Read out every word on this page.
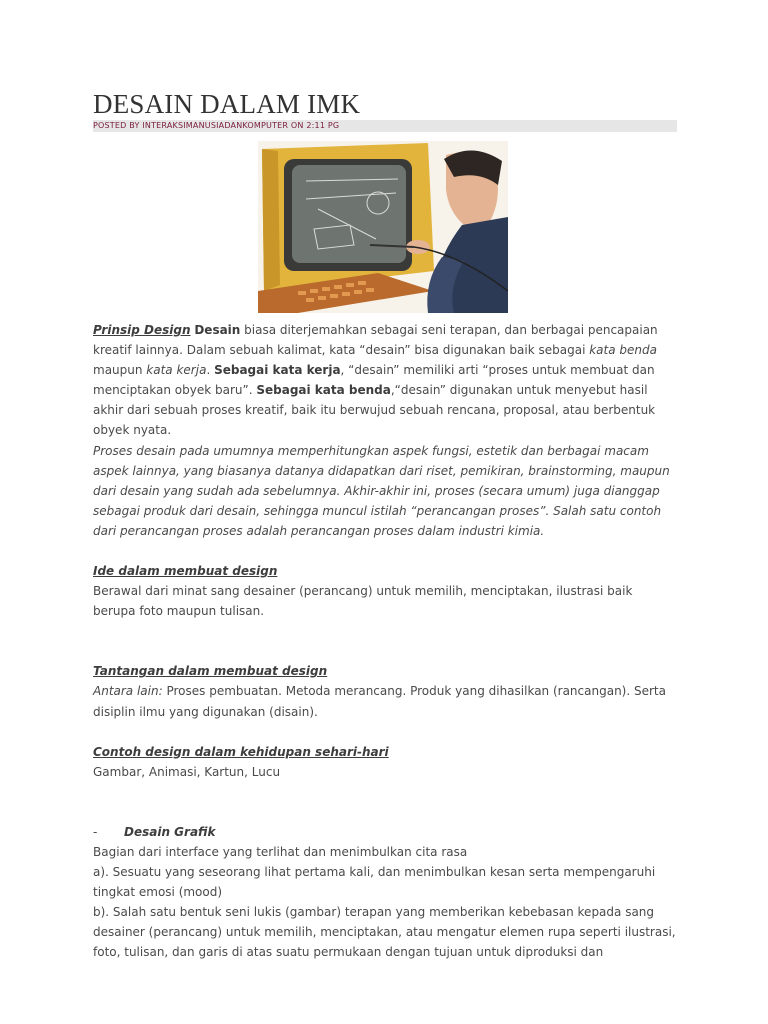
DESAIN DALAM IMK
POSTED BY INTERAKSIMANUSIADANKOMPUTER ON 2:11 PG

Prinsip Design Desain biasa diterjemahkan sebagai seni terapan, dan berbagai pencapaian kreatif lainnya. Dalam sebuah kalimat, kata “desain” bisa digunakan baik sebagai kata benda maupun kata kerja. Sebagai kata kerja, “desain” memiliki arti “proses untuk membuat dan menciptakan obyek baru”. Sebagai kata benda,“desain” digunakan untuk menyebut hasil akhir dari sebuah proses kreatif, baik itu berwujud sebuah rencana, proposal, atau berbentuk obyek nyata.

Proses desain pada umumnya memperhitungkan aspek fungsi, estetik dan berbagai macam aspek lainnya, yang biasanya datanya didapatkan dari riset, pemikiran, brainstorming, maupun dari desain yang sudah ada sebelumnya. Akhir-akhir ini, proses (secara umum) juga dianggap sebagai produk dari desain, sehingga muncul istilah “perancangan proses”. Salah satu contoh dari perancangan proses adalah perancangan proses dalam industri kimia.

Ide dalam membuat design

Berawal dari minat sang desainer (perancang) untuk memilih, menciptakan, ilustrasi baik berupa foto maupun tulisan.

Tantangan dalam membuat design

Antara lain: Proses pembuatan. Metoda merancang. Produk yang dihasilkan (rancangan). Serta disiplin ilmu yang digunakan (disain).

Contoh design dalam kehidupan sehari-hari

Gambar, Animasi, Kartun, Lucu

- Desain Grafik

Bagian dari interface yang terlihat dan menimbulkan cita rasa

a). Sesuatu yang seseorang lihat pertama kali, dan menimbulkan kesan serta mempengaruhi tingkat emosi (mood)

b). Salah satu bentuk seni lukis (gambar) terapan yang memberikan kebebasan kepada sang desainer (perancang) untuk memilih, menciptakan, atau mengatur elemen rupa seperti ilustrasi, foto, tulisan, dan garis di atas suatu permukaan dengan tujuan untuk diproduksi dan
